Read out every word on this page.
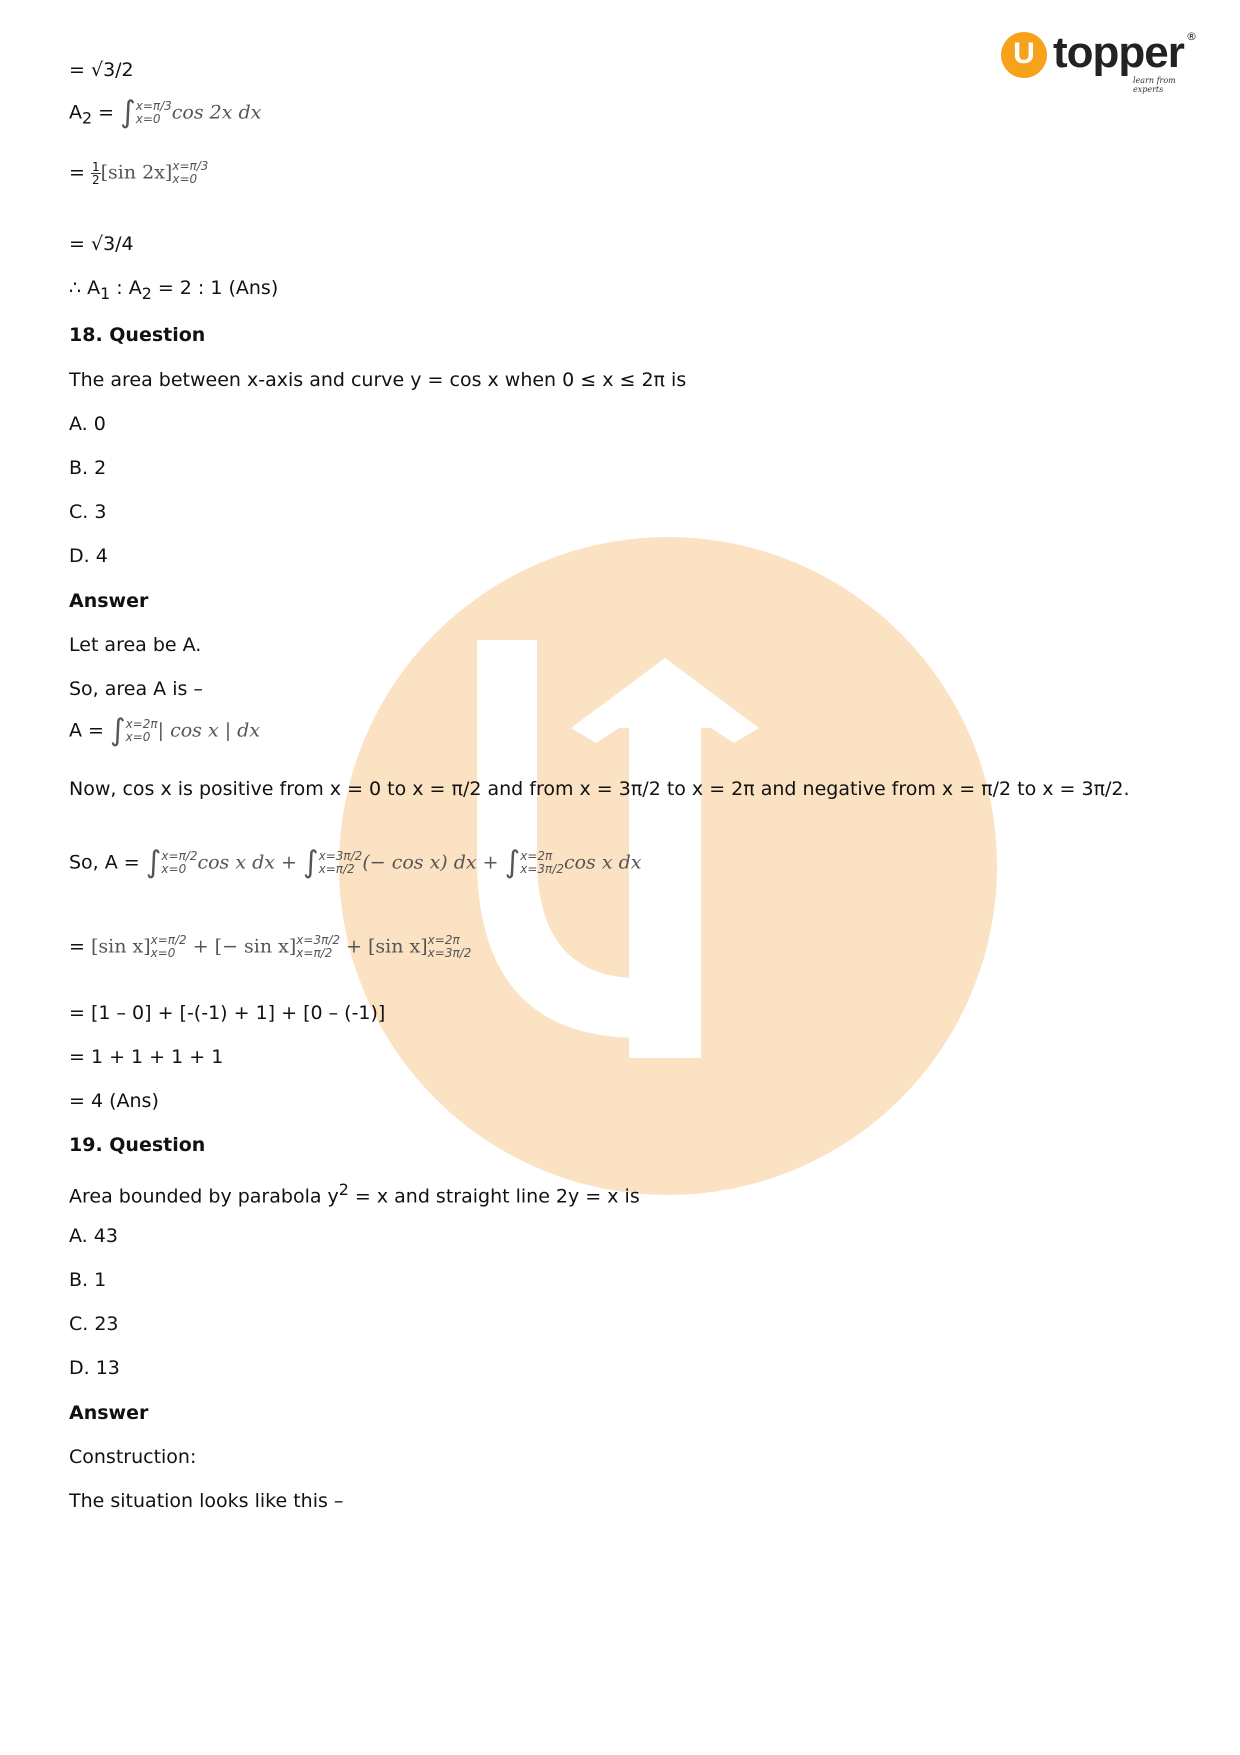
U topper ®
learn from experts
= √3/2
$A_2$ = ∫ x=π/3
x=0 cos 2x dx
= $\frac{1}{2} [\sin$ 2x] x=π/3
x=0
= √3/4
∴ $A_1$ : $A_2 = 2$ : 1 (Ans)
18. Question
The area between x-axis and curve y = cos x when 0 ≤ x ≤ 2π is
A. 0
B. 2
C. 3
D. 4
Answer
Let area be A.
So, area A is –
A = ∫ x=2π
x=0 | cos x | dx
Now, cos x is positive from x = 0 to x = π/2 and from x = 3π/2 to x = 2π and negative from x = π/2 to x = 3π/2.
So, A = ∫ x=π/2
x=0 cos x dx + ∫ x=3π/2
x=π/2 (− cos x) dx + ∫ x=2π
x=3π/2 cos x dx
= [sin x] x=π/2
x=0 + [− sin x] x=3π/2
x=π/2 + [sin x] x=2π
x=3π/2
= [1 – 0] + [-(-1) + 1] + [0 – (-1)]
= 1 + 1 + 1 + 1
= 4 (Ans)
19. Question
Area bounded by parabola $y^2 = x$ and straight line 2y = x is
A. 43
B. 1
C. 23
D. 13
Answer
Construction:
The situation looks like this –
